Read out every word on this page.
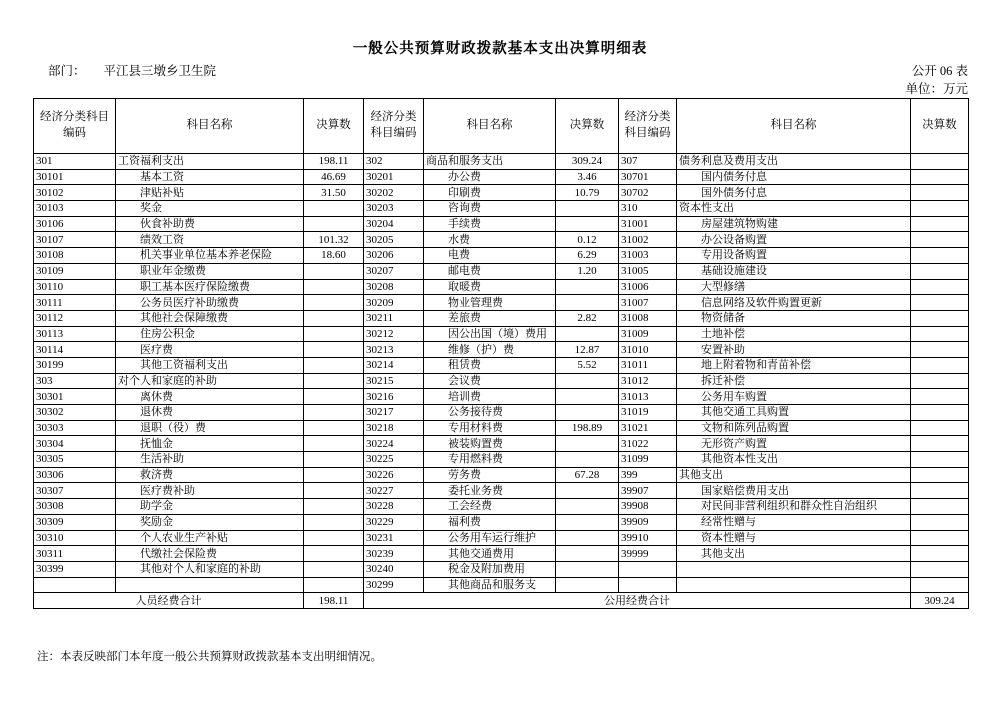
一般公共预算财政拨款基本支出决算明细表
部门： 平江县三墩乡卫生院	公开 06 表
单位：万元
经济分类科目编码	科目名称	决算数	经济分类科目编码	科目名称	决算数	经济分类科目编码	科目名称	决算数
301	工资福利支出	198.11	302	商品和服务支出	309.24	307	债务利息及费用支出	
30101	基本工资	46.69	30201	办公费	3.46	30701	国内债务付息	
30102	津贴补贴	31.50	30202	印刷费	10.79	30702	国外债务付息	
30103	奖金		30203	咨询费		310	资本性支出	
30106	伙食补助费		30204	手续费		31001	房屋建筑物购建	
30107	绩效工资	101.32	30205	水费	0.12	31002	办公设备购置	
30108	机关事业单位基本养老保险	18.60	30206	电费	6.29	31003	专用设备购置	
30109	职业年金缴费		30207	邮电费	1.20	31005	基础设施建设	
30110	职工基本医疗保险缴费		30208	取暖费		31006	大型修缮	
30111	公务员医疗补助缴费		30209	物业管理费		31007	信息网络及软件购置更新	
30112	其他社会保障缴费		30211	差旅费	2.82	31008	物资储备	
30113	住房公积金		30212	因公出国（境）费用		31009	土地补偿	
30114	医疗费		30213	维修（护）费	12.87	31010	安置补助	
30199	其他工资福利支出		30214	租赁费	5.52	31011	地上附着物和青苗补偿	
303	对个人和家庭的补助		30215	会议费		31012	拆迁补偿	
30301	离休费		30216	培训费		31013	公务用车购置	
30302	退休费		30217	公务接待费		31019	其他交通工具购置	
30303	退职（役）费		30218	专用材料费	198.89	31021	文物和陈列品购置	
30304	抚恤金		30224	被装购置费		31022	无形资产购置	
30305	生活补助		30225	专用燃料费		31099	其他资本性支出	
30306	救济费		30226	劳务费	67.28	399	其他支出	
30307	医疗费补助		30227	委托业务费		39907	国家赔偿费用支出	
30308	助学金		30228	工会经费		39908	对民间非营利组织和群众性自治组织	
30309	奖励金		30229	福利费		39909	经常性赠与	
30310	个人农业生产补贴		30231	公务用车运行维护		39910	资本性赠与	
30311	代缴社会保险费		30239	其他交通费用		39999	其他支出	
30399	其他对个人和家庭的补助		30240	税金及附加费用				
			30299	其他商品和服务支				
人员经费合计		198.11	公用经费合计					309.24
注：本表反映部门本年度一般公共预算财政拨款基本支出明细情况。
